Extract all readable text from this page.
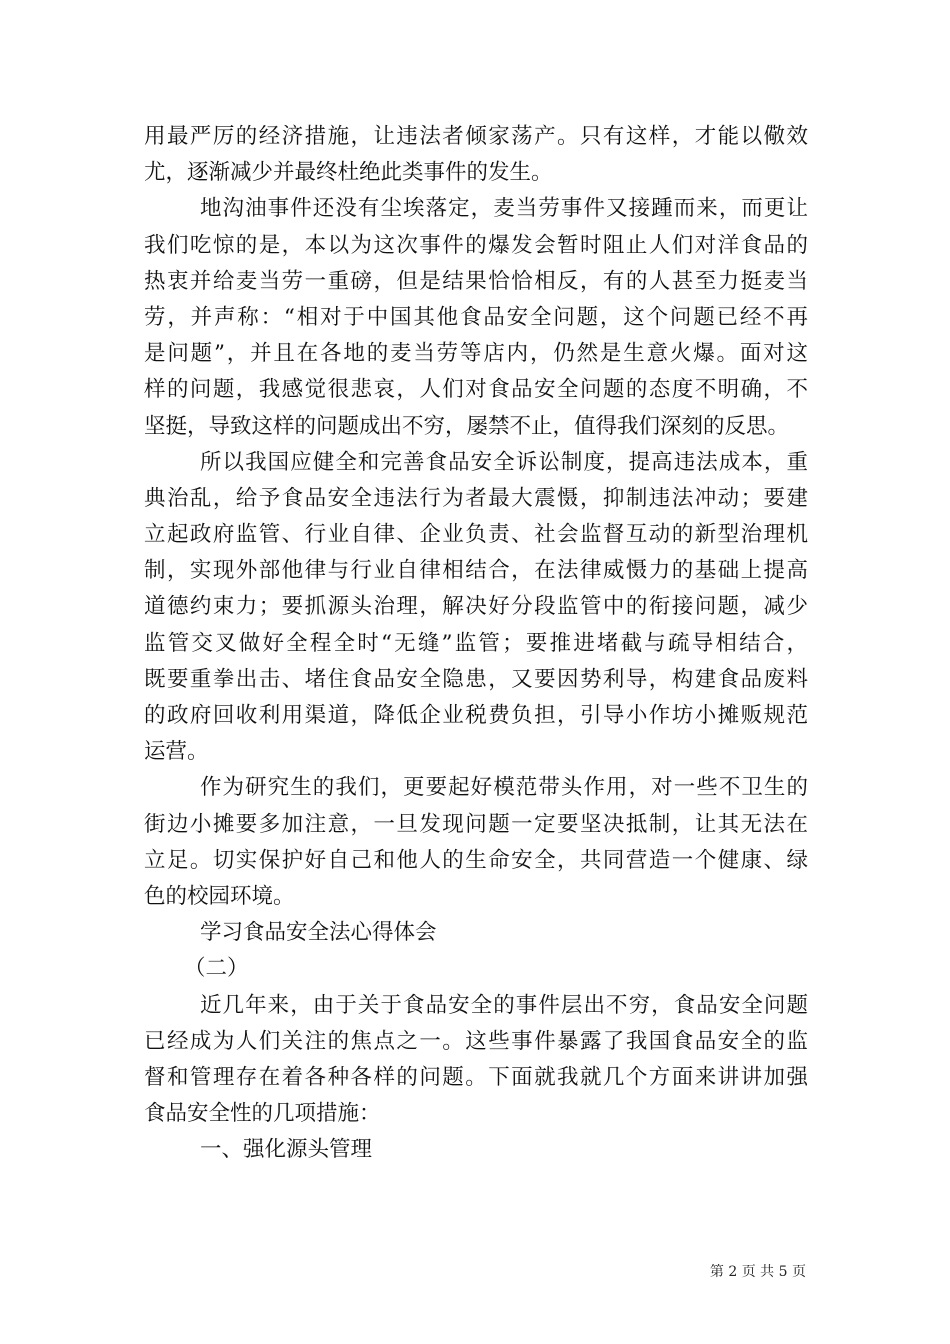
用最严厉的经济措施，让违法者倾家荡产。只有这样，才能以儆效
尤，逐渐减少并最终杜绝此类事件的发生。
地沟油事件还没有尘埃落定，麦当劳事件又接踵而来，而更让
我们吃惊的是，本以为这次事件的爆发会暂时阻止人们对洋食品的
热衷并给麦当劳一重磅，但是结果恰恰相反，有的人甚至力挺麦当
劳，并声称：“相对于中国其他食品安全问题，这个问题已经不再
是问题”，并且在各地的麦当劳等店内，仍然是生意火爆。面对这
样的问题，我感觉很悲哀，人们对食品安全问题的态度不明确，不
坚挺，导致这样的问题成出不穷，屡禁不止，值得我们深刻的反思。
所以我国应健全和完善食品安全诉讼制度，提高违法成本，重
典治乱，给予食品安全违法行为者最大震慑，抑制违法冲动；要建
立起政府监管、行业自律、企业负责、社会监督互动的新型治理机
制，实现外部他律与行业自律相结合，在法律威慑力的基础上提高
道德约束力；要抓源头治理，解决好分段监管中的衔接问题，减少
监管交叉做好全程全时“无缝”监管；要推进堵截与疏导相结合，
既要重拳出击、堵住食品安全隐患，又要因势利导，构建食品废料
的政府回收利用渠道，降低企业税费负担，引导小作坊小摊贩规范
运营。
作为研究生的我们，更要起好模范带头作用，对一些不卫生的
街边小摊要多加注意，一旦发现问题一定要坚决抵制，让其无法在
立足。切实保护好自己和他人的生命安全，共同营造一个健康、绿
色的校园环境。
学习食品安全法心得体会
（二）
近几年来，由于关于食品安全的事件层出不穷，食品安全问题
已经成为人们关注的焦点之一。这些事件暴露了我国食品安全的监
督和管理存在着各种各样的问题。下面就我就几个方面来讲讲加强
食品安全性的几项措施：
一、强化源头管理
第 2 页 共 5 页
